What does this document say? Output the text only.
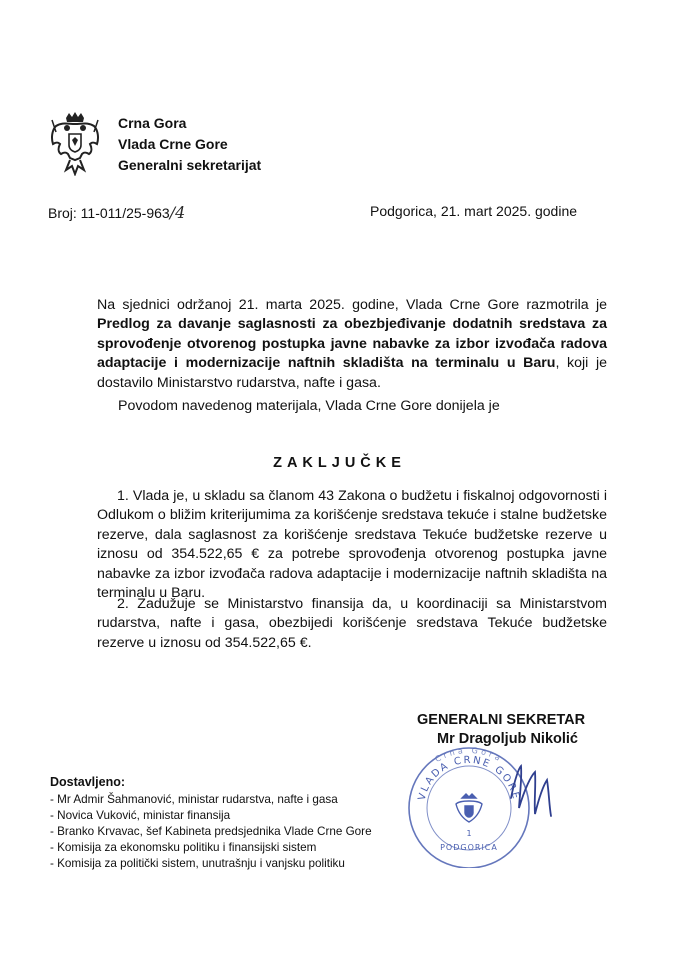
Crna Gora
Vlada Crne Gore
Generalni sekretarijat
Broj: 11-011/25-963/4	Podgorica, 21. mart 2025. godine

Na sjednici održanoj 21. marta 2025. godine, Vlada Crne Gore razmotrila je Predlog za davanje saglasnosti za obezbjeđivanje dodatnih sredstava za sprovođenje otvorenog postupka javne nabavke za izbor izvođača radova adaptacije i modernizacije naftnih skladišta na terminalu u Baru, koji je dostavilo Ministarstvo rudarstva, nafte i gasa.

Povodom navedenog materijala, Vlada Crne Gore donijela je
ZAKLJUČKE

1. Vlada je, u skladu sa članom 43 Zakona o budžetu i fiskalnoj odgovornosti i Odlukom o bližim kriterijumima za korišćenje sredstava tekuće i stalne budžetske rezerve, dala saglasnost za korišćenje sredstava Tekuće budžetske rezerve u iznosu od 354.522,65 € za potrebe sprovođenja otvorenog postupka javne nabavke za izbor izvođača radova adaptacije i modernizacije naftnih skladišta na terminalu u Baru.

2. Zadužuje se Ministarstvo finansija da, u koordinaciji sa Ministarstvom rudarstva, nafte i gasa, obezbijedi korišćenje sredstava Tekuće budžetske rezerve u iznosu od 354.522,65 €.

GENERALNI SEKRETAR
Mr Dragoljub Nikolić
VLADA CRNE GORE
Crna Gora
1
PODGORICA
Dostavljeno:
- Mr Admir Šahmanović, ministar rudarstva, nafte i gasa
- Novica Vuković, ministar finansija
- Branko Krvavac, šef Kabineta predsjednika Vlade Crne Gore
- Komisija za ekonomsku politiku i finansijski sistem
- Komisija za politički sistem, unutrašnju i vanjsku politiku
